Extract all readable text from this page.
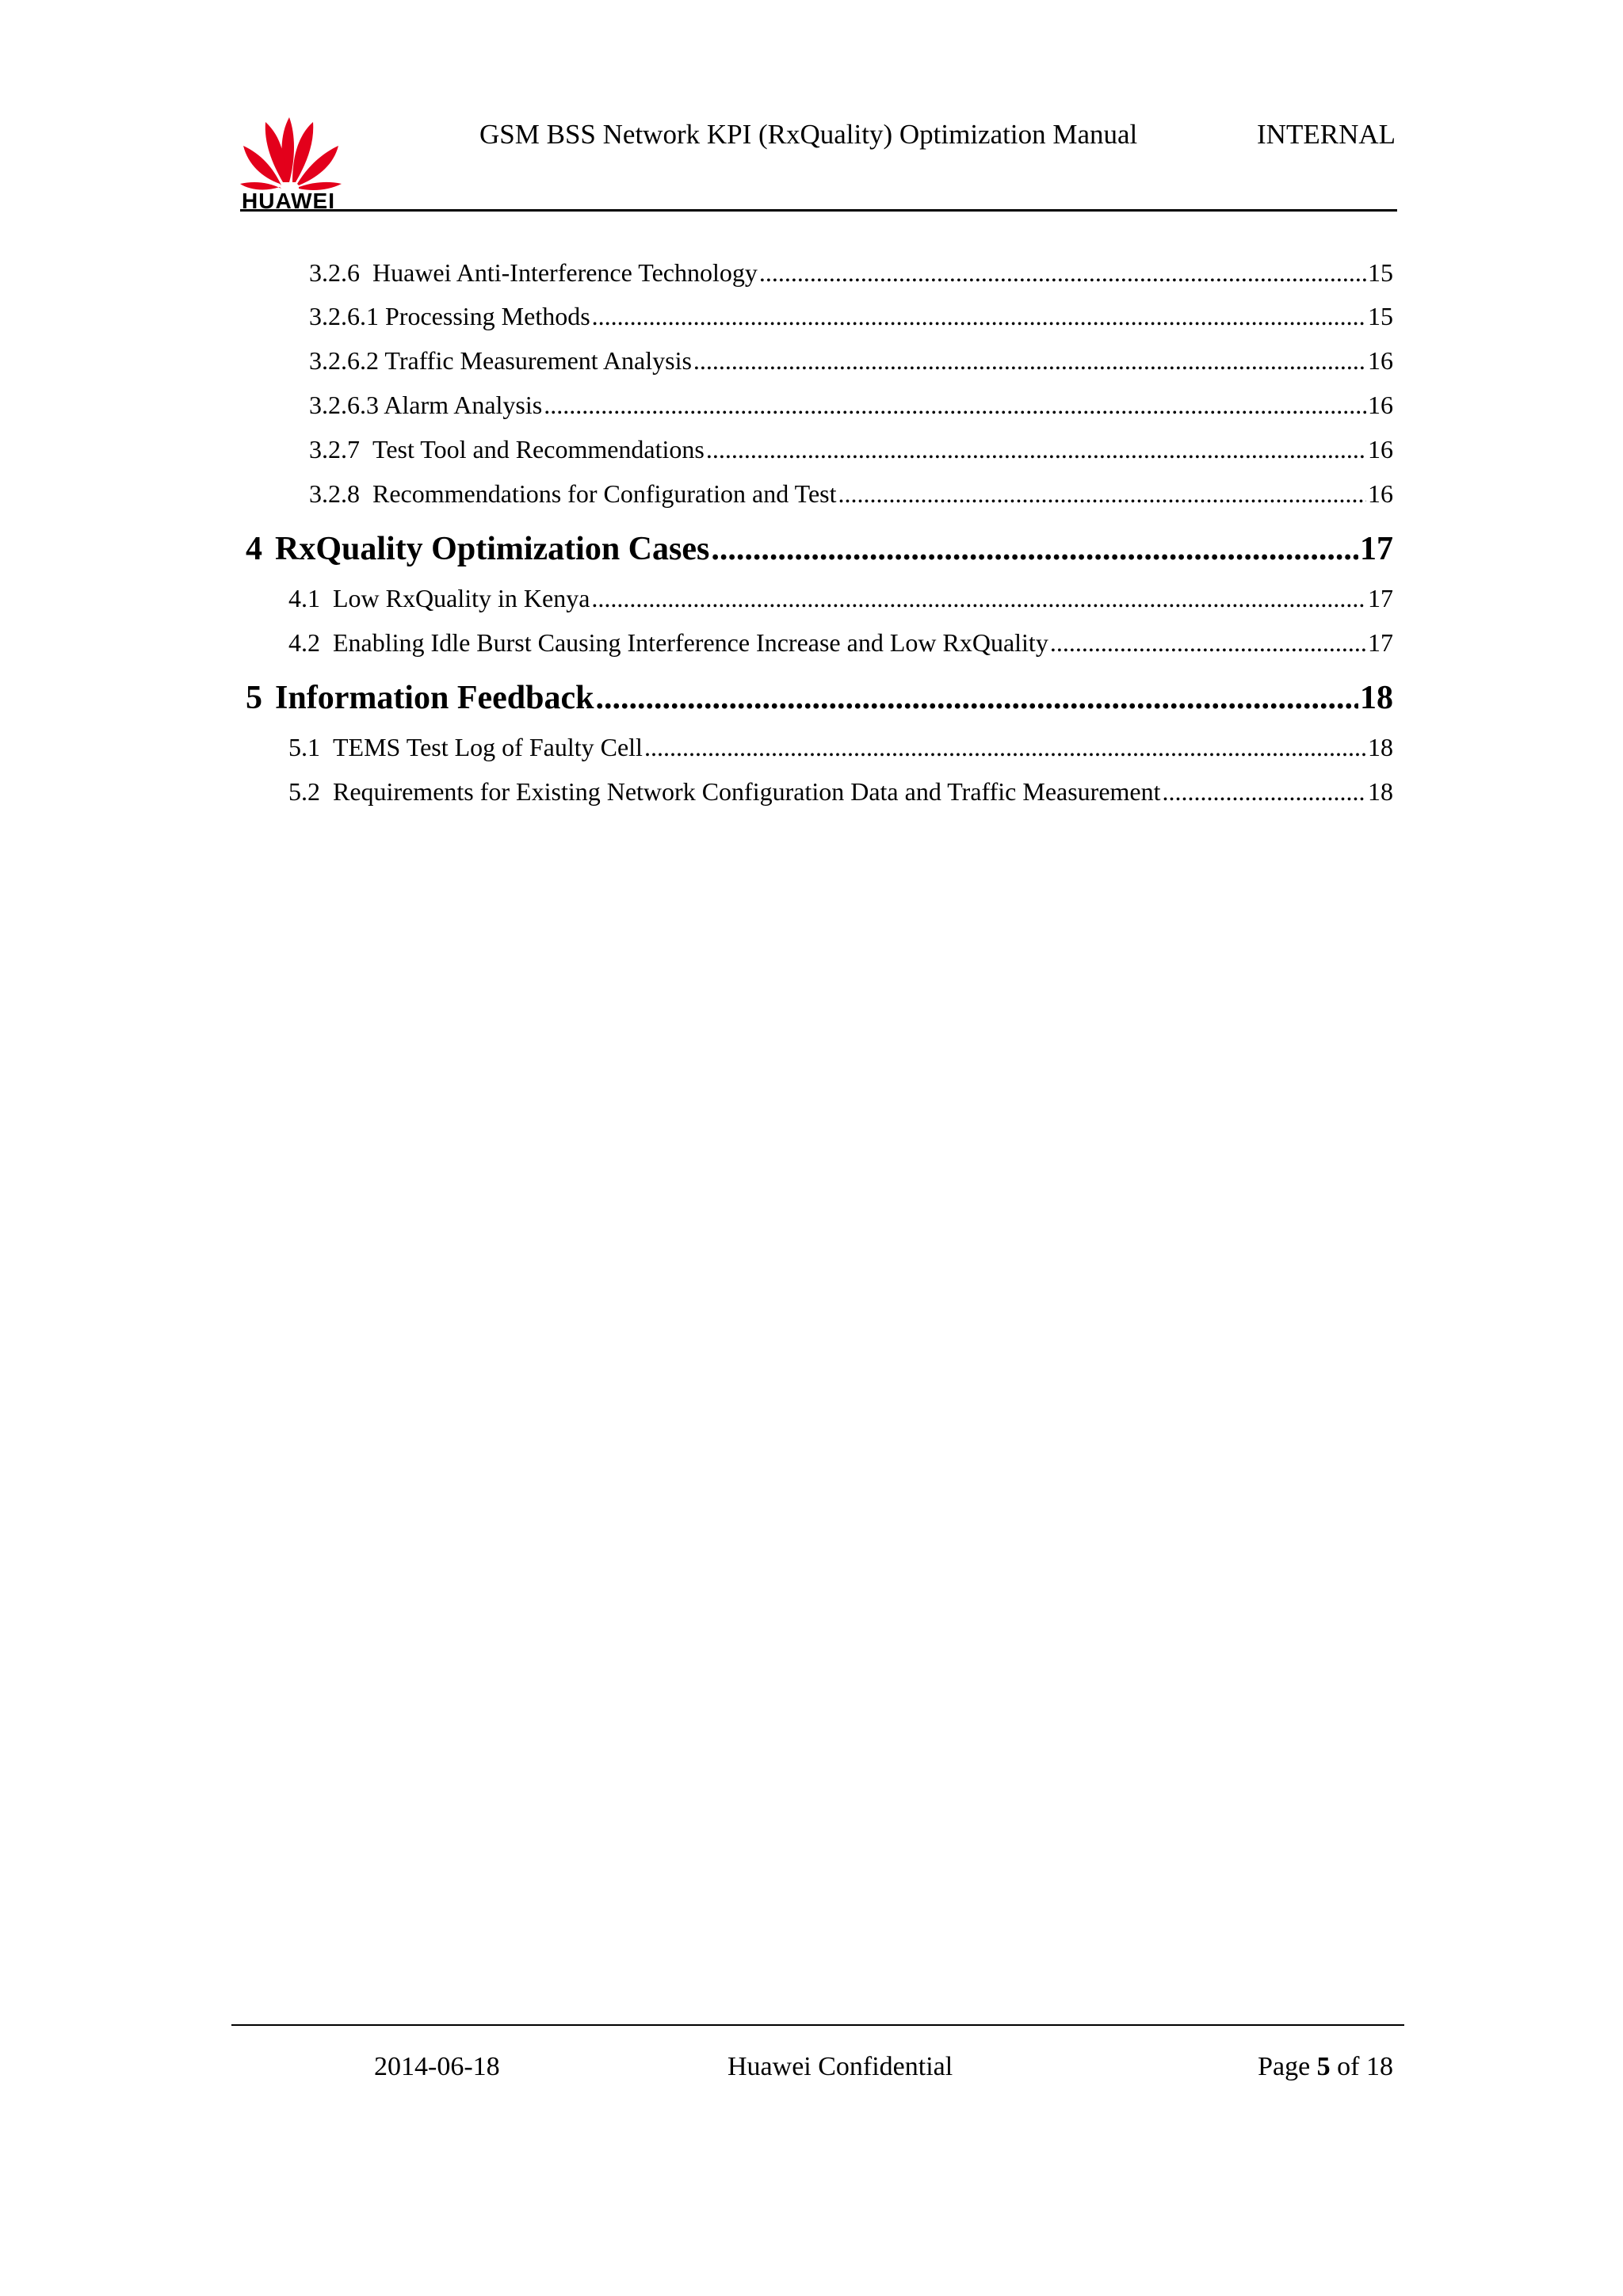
HUAWEI
GSM BSS Network KPI (RxQuality) Optimization Manual	INTERNAL
3.2.6 Huawei Anti-Interference Technology .....	15
3.2.6.1 Processing Methods .....	15
3.2.6.2 Traffic Measurement Analysis .....	16
3.2.6.3 Alarm Analysis .....	16
3.2.7 Test Tool and Recommendations .....	16
3.2.8 Recommendations for Configuration and Test .....	16
4 RxQuality Optimization Cases .....	17
4.1 Low RxQuality in Kenya .....	17
4.2 Enabling Idle Burst Causing Interference Increase and Low RxQuality .....	17
5 Information Feedback .....	18
5.1 TEMS Test Log of Faulty Cell .....	18
5.2 Requirements for Existing Network Configuration Data and Traffic Measurement .....	18
2014-06-18	Huawei Confidential	Page 5 of 18
